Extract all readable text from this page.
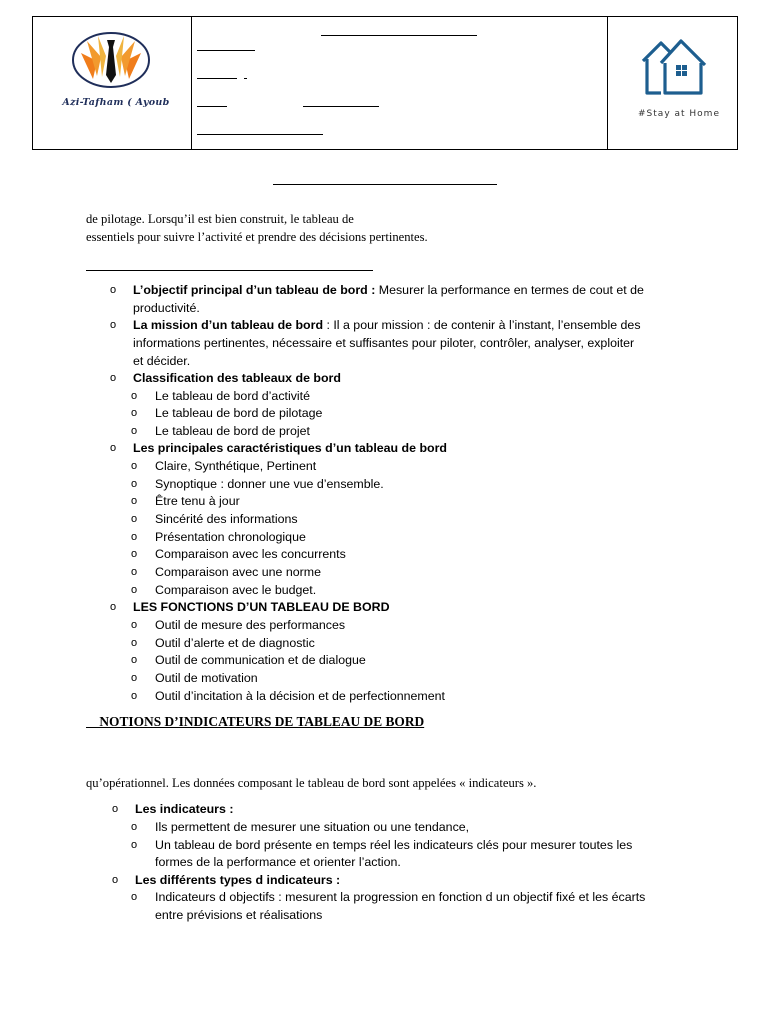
Azi-Tafham ( Ayoub
#Stay at Home
de pilotage. Lorsqu’il est bien construit, le tableau de
essentiels pour suivre l’activité et prendre des décisions pertinentes.
o L’objectif principal d’un tableau de bord : Mesurer la performance en termes de cout et de
productivité.
o La mission d’un tableau de bord : Il a pour mission : de contenir à l’instant, l’ensemble des
informations pertinentes, nécessaire et suffisantes pour piloter, contrôler, analyser, exploiter
et décider.
o Classification des tableaux de bord
o Le tableau de bord d’activité
o Le tableau de bord de pilotage
o Le tableau de bord de projet
o Les principales caractéristiques d’un tableau de bord
o Claire, Synthétique, Pertinent
o Synoptique : donner une vue d’ensemble.
o Être tenu à jour
o Sincérité des informations
o Présentation chronologique
o Comparaison avec les concurrents
o Comparaison avec une norme
o Comparaison avec le budget.
o LES FONCTIONS D’UN TABLEAU DE BORD
o Outil de mesure des performances
o Outil d’alerte et de diagnostic
o Outil de communication et de dialogue
o Outil de motivation
o Outil d’incitation à la décision et de perfectionnement
NOTIONS D’INDICATEURS DE TABLEAU DE BORD
qu’opérationnel. Les données composant le tableau de bord sont appelées « indicateurs ».
o Les indicateurs :
o Ils permettent de mesurer une situation ou une tendance,
o Un tableau de bord présente en temps réel les indicateurs clés pour mesurer toutes les
formes de la performance et orienter l’action.
o Les différents types d indicateurs :
o Indicateurs d objectifs : mesurent la progression en fonction d un objectif fixé et les écarts
entre prévisions et réalisations
